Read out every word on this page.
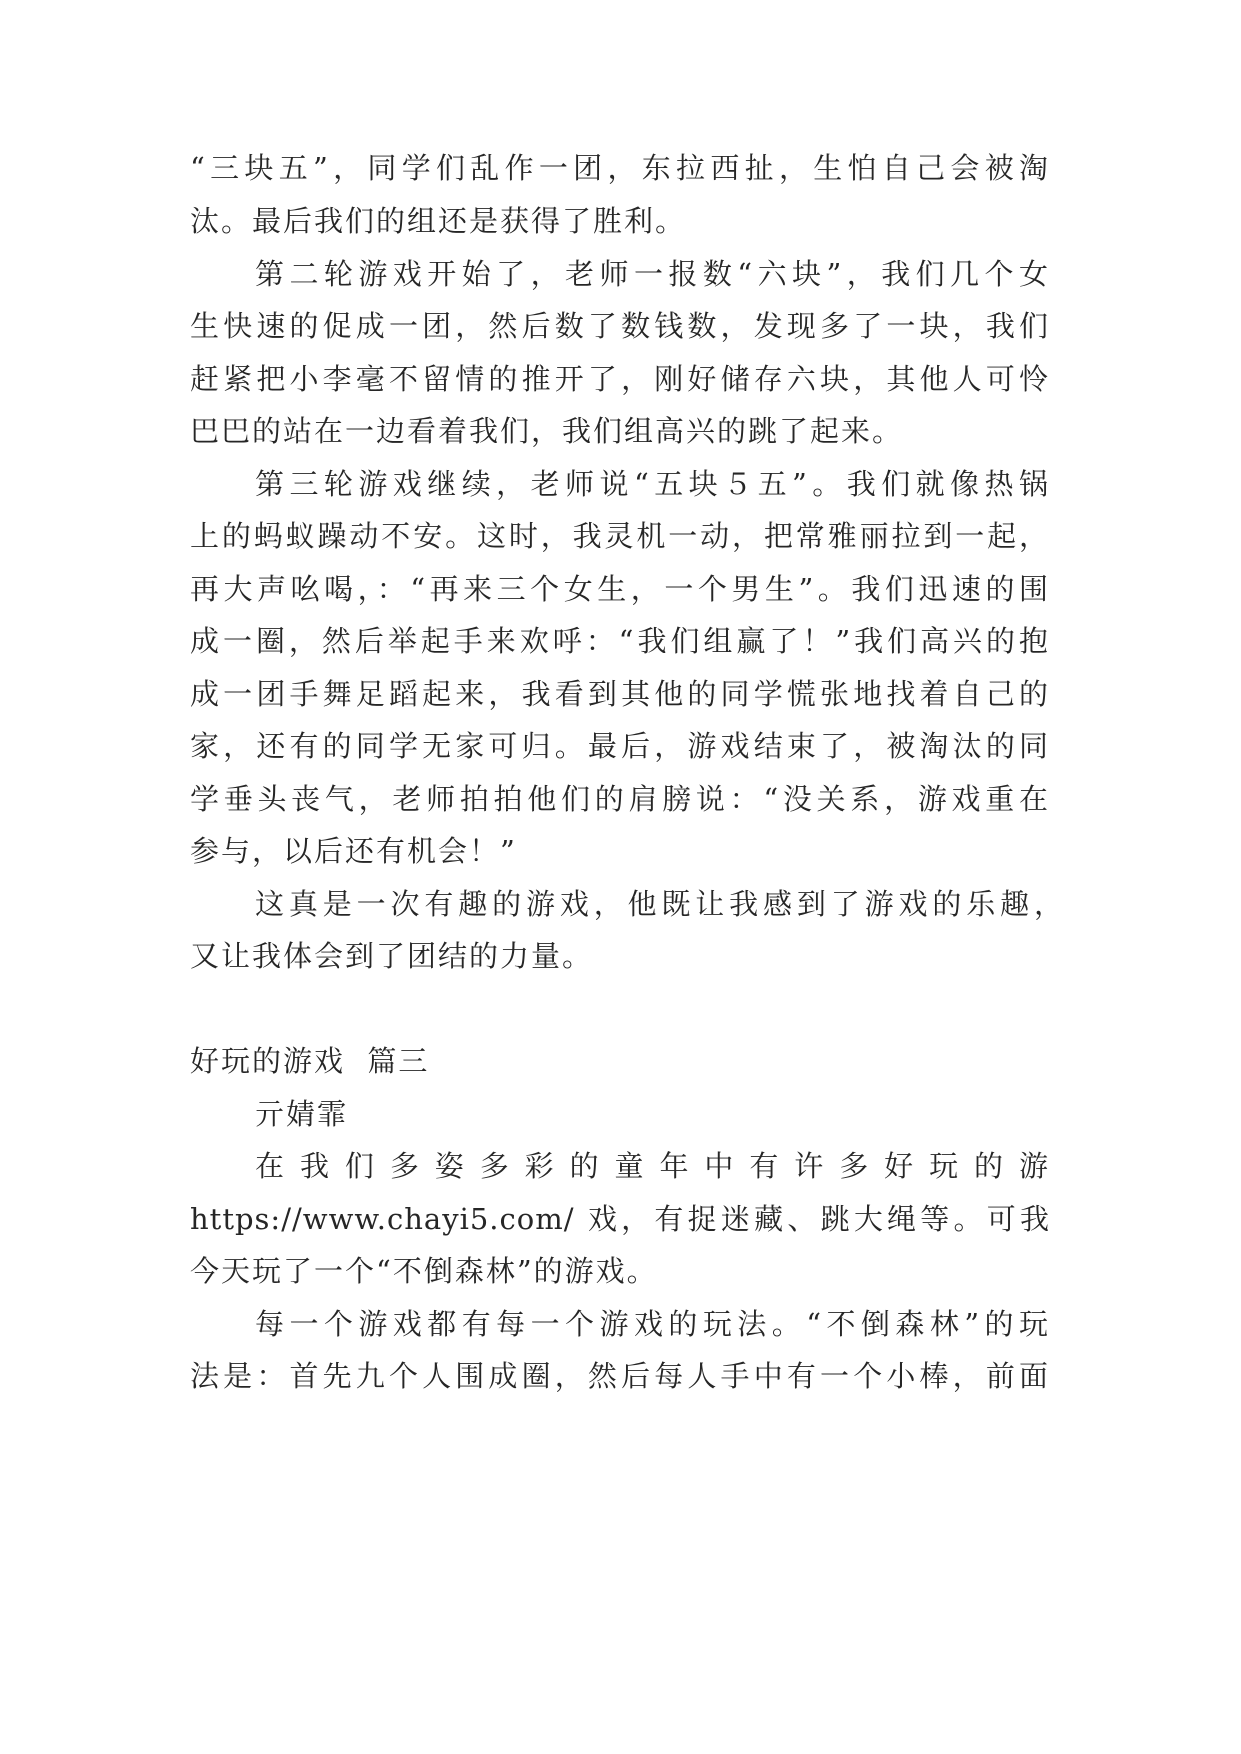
“三块五”，同学们乱作一团，东拉西扯，生怕自己会被淘
汰。最后我们的组还是获得了胜利。
第二轮游戏开始了，老师一报数“六块”，我们几个女
生快速的促成一团，然后数了数钱数，发现多了一块，我们
赶紧把小李毫不留情的推开了，刚好储存六块，其他人可怜
巴巴的站在一边看着我们，我们组高兴的跳了起来。
第三轮游戏继续，老师说“五块５五”。我们就像热锅
上的蚂蚁躁动不安。这时，我灵机一动，把常雅丽拉到一起，
再大声吆喝，：“再来三个女生，一个男生”。我们迅速的围
成一圈，然后举起手来欢呼：“我们组赢了！”我们高兴的抱
成一团手舞足蹈起来，我看到其他的同学慌张地找着自己的
家，还有的同学无家可归。最后，游戏结束了，被淘汰的同
学垂头丧气，老师拍拍他们的肩膀说：“没关系，游戏重在
参与，以后还有机会！”
这真是一次有趣的游戏，他既让我感到了游戏的乐趣，
又让我体会到了团结的力量。
好玩的游戏  篇三
亓婧霏
在我们多姿多彩的童年中有许多好玩的游
https://www.chayi5.com/ 戏，有捉迷藏、跳大绳等。可我
今天玩了一个“不倒森林”的游戏。
每一个游戏都有每一个游戏的玩法。“不倒森林”的玩
法是：首先九个人围成圈，然后每人手中有一个小棒，前面
